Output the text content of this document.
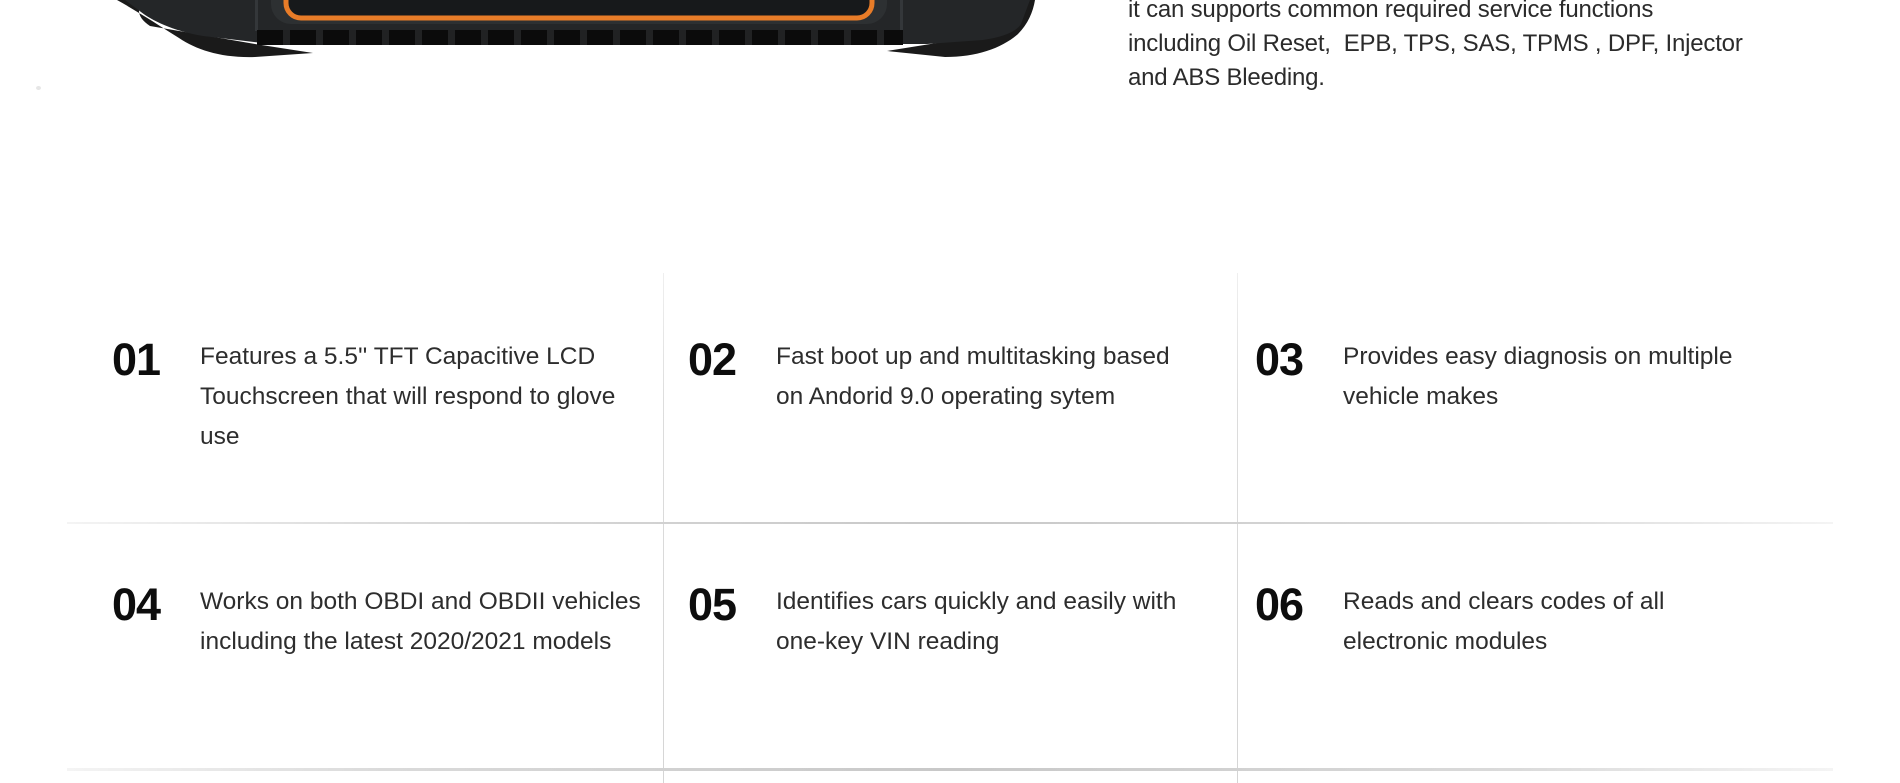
it can supports common required service functions
including Oil Reset,  EPB, TPS, SAS, TPMS , DPF, Injector
and ABS Bleeding.
01 Features a 5.5'' TFT Capacitive LCD
Touchscreen that will respond to glove
use
02 Fast boot up and multitasking based
on Andorid 9.0 operating sytem
03 Provides easy diagnosis on multiple
vehicle makes
04 Works on both OBDI and OBDII vehicles
including the latest 2020/2021 models
05 Identifies cars quickly and easily with
one-key VIN reading
06 Reads and clears codes of all
electronic modules
